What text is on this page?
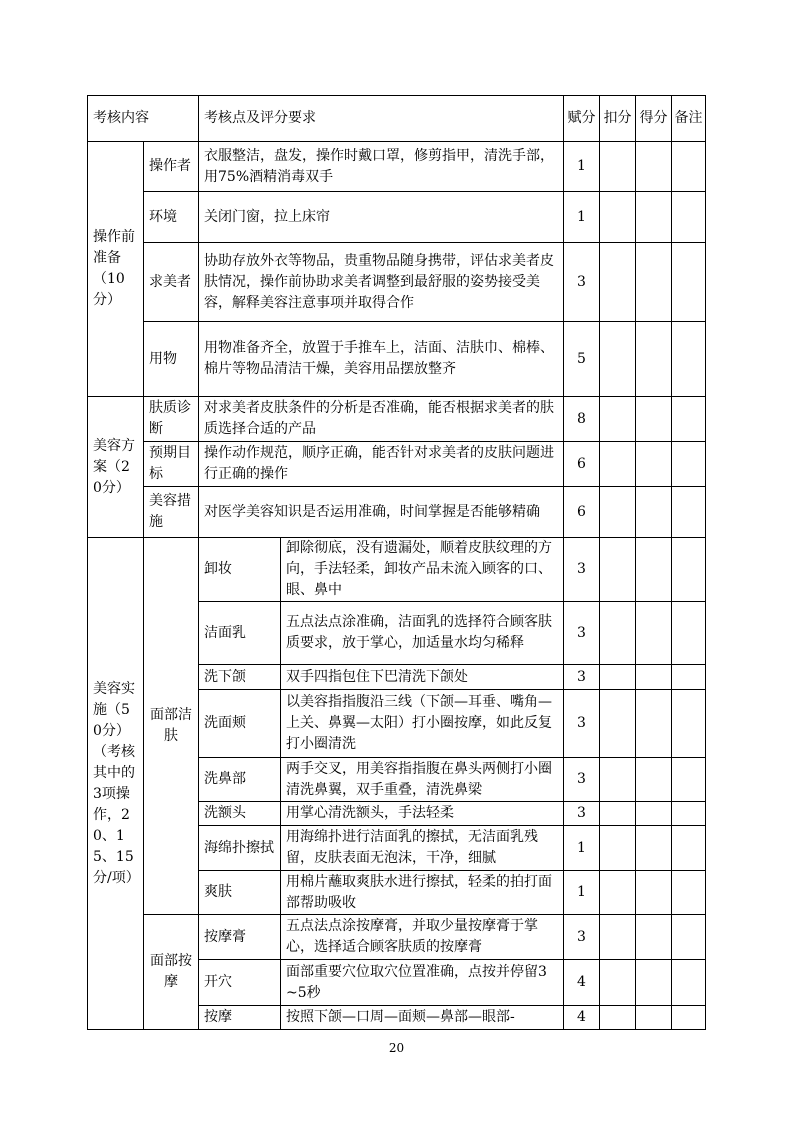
考核内容		考核点及评分要求		赋分	扣分	得分	备注
操作前准备（10分）	操作者	衣服整洁，盘发，操作时戴口罩，修剪指甲，清洗手部，用75%酒精消毒双手		1			
	环境	关闭门窗，拉上床帘		1			
	求美者	协助存放外衣等物品，贵重物品随身携带，评估求美者皮肤情况，操作前协助求美者调整到最舒服的姿势接受美容，解释美容注意事项并取得合作		3			
	用物	用物准备齐全，放置于手推车上，洁面、洁肤巾、棉棒、棉片等物品清洁干燥，美容用品摆放整齐		5			
美容方案（20分）	肤质诊断	对求美者皮肤条件的分析是否准确，能否根据求美者的肤质选择合适的产品		8			
	预期目标	操作动作规范，顺序正确，能否针对求美者的皮肤问题进行正确的操作		6			
	美容措施	对医学美容知识是否运用准确，时间掌握是否能够精确		6			
美容实施（50分）（考核其中的3项操作，20、15、15分/项）	面部洁肤	卸妆	卸除彻底，没有遗漏处，顺着皮肤纹理的方向，手法轻柔，卸妆产品未流入顾客的口、眼、鼻中	3			
		洁面乳	五点法点涂准确，洁面乳的选择符合顾客肤质要求，放于掌心，加适量水均匀稀释	3			
		洗下颌	双手四指包住下巴清洗下颌处	3			
		洗面颊	以美容指指腹沿三线（下颌—耳垂、嘴角—上关、鼻翼—太阳）打小圈按摩，如此反复打小圈清洗	3			
		洗鼻部	两手交叉，用美容指指腹在鼻头两侧打小圈清洗鼻翼，双手重叠，清洗鼻梁	3			
		洗额头	用掌心清洗额头，手法轻柔	3			
		海绵扑擦拭	用海绵扑进行洁面乳的擦拭，无洁面乳残留，皮肤表面无泡沫，干净，细腻	1			
		爽肤	用棉片蘸取爽肤水进行擦拭，轻柔的拍打面部帮助吸收	1			
	面部按摩	按摩膏	五点法点涂按摩膏，并取少量按摩膏于掌心，选择适合顾客肤质的按摩膏	3			
		开穴	面部重要穴位取穴位置准确，点按并停留3~5秒	4			
		按摩	按照下颌—口周—面颊—鼻部—眼部-	4			
20
